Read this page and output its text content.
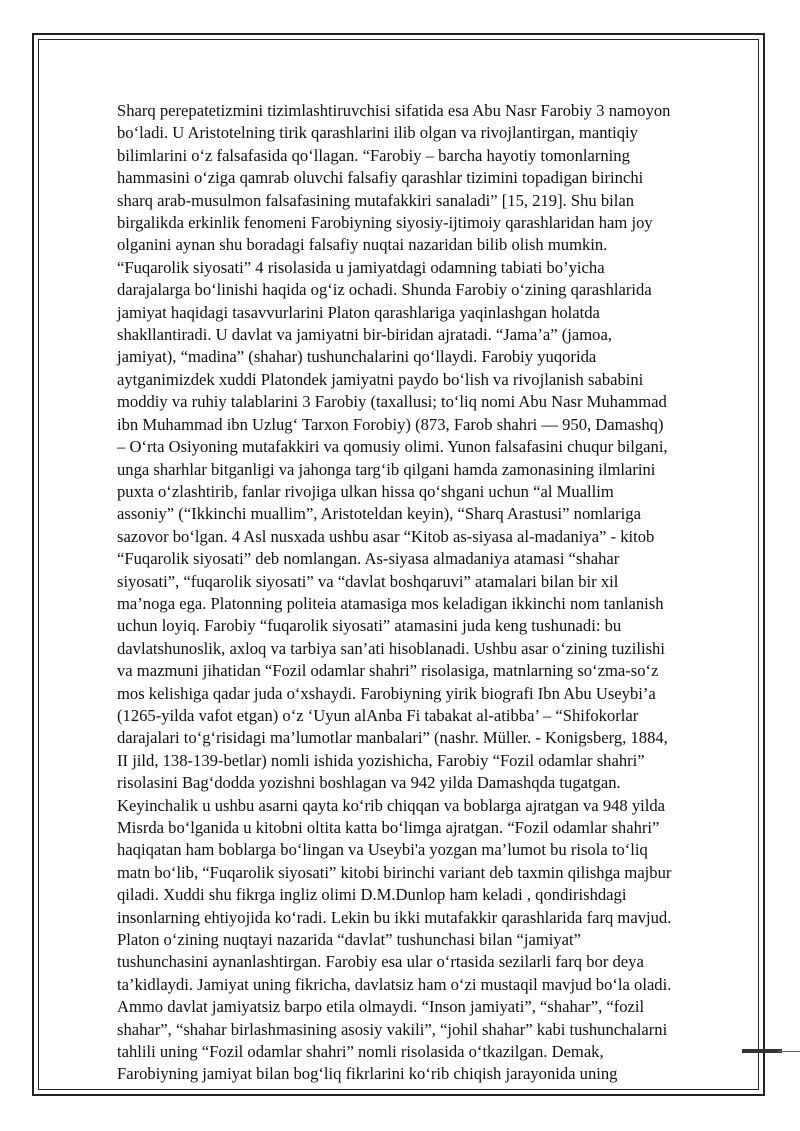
Sharq perepatetizmini tizimlashtiruvchisi sifatida esa Abu Nasr Farobiy 3 namoyon
bo‘ladi. U Aristotelning tirik qarashlarini ilib olgan va rivojlantirgan, mantiqiy
bilimlarini o‘z falsafasida qo‘llagan. “Farobiy – barcha hayotiy tomonlarning
hammasini o‘ziga qamrab oluvchi falsafiy qarashlar tizimini topadigan birinchi
sharq arab-musulmon falsafasining mutafakkiri sanaladi” [15, 219]. Shu bilan
birgalikda erkinlik fenomeni Farobiyning siyosiy-ijtimoiy qarashlaridan ham joy
olganini aynan shu boradagi falsafiy nuqtai nazaridan bilib olish mumkin.
“Fuqarolik siyosati” 4 risolasida u jamiyatdagi odamning tabiati bo’yicha
darajalarga bo‘linishi haqida og‘iz ochadi. Shunda Farobiy o‘zining qarashlarida
jamiyat haqidagi tasavvurlarini Platon qarashlariga yaqinlashgan holatda
shakllantiradi. U davlat va jamiyatni bir-biridan ajratadi. “Jama’a” (jamoa,
jamiyat), “madina” (shahar) tushunchalarini qo‘llaydi. Farobiy yuqorida
aytganimizdek xuddi Platondek jamiyatni paydo bo‘lish va rivojlanish sababini
moddiy va ruhiy talablarini 3 Farobiy (taxallusi; to‘liq nomi Abu Nasr Muhammad
ibn Muhammad ibn Uzlug‘ Tarxon Forobiy) (873, Farob shahri — 950, Damashq)
– O‘rta Osiyoning mutafakkiri va qomusiy olimi. Yunon falsafasini chuqur bilgani,
unga sharhlar bitganligi va jahonga targ‘ib qilgani hamda zamonasining ilmlarini
puxta o‘zlashtirib, fanlar rivojiga ulkan hissa qo‘shgani uchun “al Muallim
assoniy” (“Ikkinchi muallim”, Aristoteldan keyin), “Sharq Arastusi” nomlariga
sazovor bo‘lgan. 4 Asl nusxada ushbu asar “Kitob as-siyasa al-madaniya” - kitob
“Fuqarolik siyosati” deb nomlangan. As-siyasa almadaniya atamasi “shahar
siyosati”, “fuqarolik siyosati” va “davlat boshqaruvi” atamalari bilan bir xil
ma’noga ega. Platonning politeia atamasiga mos keladigan ikkinchi nom tanlanish
uchun loyiq. Farobiy “fuqarolik siyosati” atamasini juda keng tushunadi: bu
davlatshunoslik, axloq va tarbiya san’ati hisoblanadi. Ushbu asar o‘zining tuzilishi
va mazmuni jihatidan “Fozil odamlar shahri” risolasiga, matnlarning so‘zma-so‘z
mos kelishiga qadar juda o‘xshaydi. Farobiyning yirik biografi Ibn Abu Useybi’a
(1265-yilda vafot etgan) o‘z ‘Uyun alAnba Fi tabakat al-atibba’ – “Shifokorlar
darajalari to‘g‘risidagi ma’lumotlar manbalari” (nashr. Müller. - Konigsberg, 1884,
II jild, 138-139-betlar) nomli ishida yozishicha, Farobiy “Fozil odamlar shahri”
risolasini Bag‘dodda yozishni boshlagan va 942 yilda Damashqda tugatgan.
Keyinchalik u ushbu asarni qayta ko‘rib chiqqan va boblarga ajratgan va 948 yilda
Misrda bo‘lganida u kitobni oltita katta bo‘limga ajratgan. “Fozil odamlar shahri”
haqiqatan ham boblarga bo‘lingan va Useybi'a yozgan ma’lumot bu risola to‘liq
matn bo‘lib, “Fuqarolik siyosati” kitobi birinchi variant deb taxmin qilishga majbur
qiladi. Xuddi shu fikrga ingliz olimi D.M.Dunlop ham keladi , qondirishdagi
insonlarning ehtiyojida ko‘radi. Lekin bu ikki mutafakkir qarashlarida farq mavjud.
Platon o‘zining nuqtayi nazarida “davlat” tushunchasi bilan “jamiyat”
tushunchasini aynanlashtirgan. Farobiy esa ular o‘rtasida sezilarli farq bor deya
ta’kidlaydi. Jamiyat uning fikricha, davlatsiz ham o‘zi mustaqil mavjud bo‘la oladi.
Ammo davlat jamiyatsiz barpo etila olmaydi. “Inson jamiyati”, “shahar”, “fozil
shahar”, “shahar birlashmasining asosiy vakili”, “johil shahar” kabi tushunchalarni
tahlili uning “Fozil odamlar shahri” nomli risolasida o‘tkazilgan. Demak,
Farobiyning jamiyat bilan bog‘liq fikrlarini ko‘rib chiqish jarayonida uning
